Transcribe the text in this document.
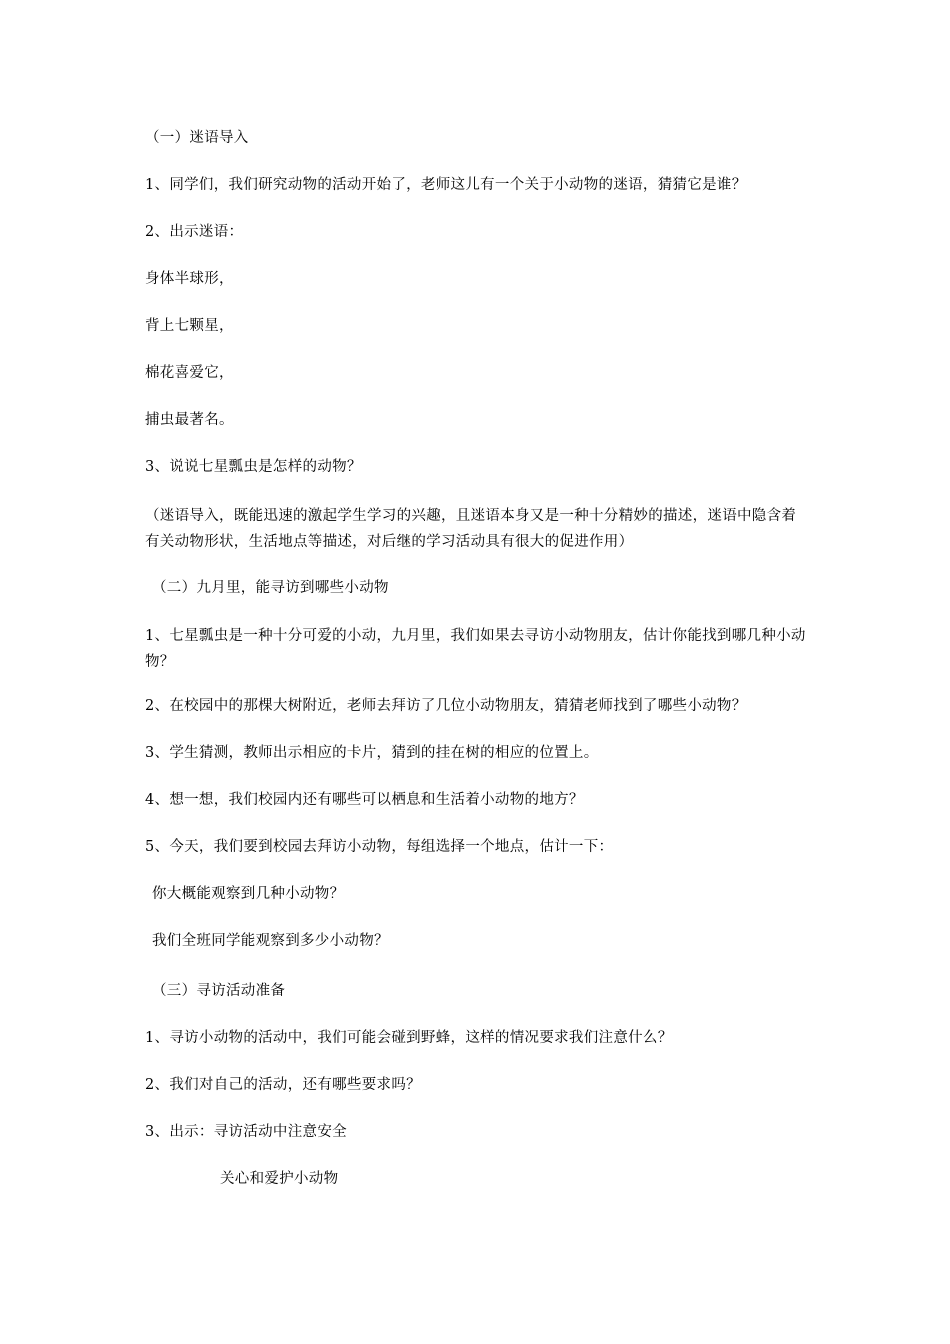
（一）迷语导入
1、同学们，我们研究动物的活动开始了，老师这儿有一个关于小动物的迷语，猜猜它是谁？
2、出示迷语：
身体半球形，
背上七颗星，
棉花喜爱它，
捕虫最著名。
3、说说七星瓢虫是怎样的动物？
（迷语导入，既能迅速的激起学生学习的兴趣，且迷语本身又是一种十分精妙的描述，迷语中隐含着有关动物形状，生活地点等描述，对后继的学习活动具有很大的促进作用）
（二）九月里，能寻访到哪些小动物
1、七星瓢虫是一种十分可爱的小动，九月里，我们如果去寻访小动物朋友，估计你能找到哪几种小动物？
2、在校园中的那棵大树附近，老师去拜访了几位小动物朋友，猜猜老师找到了哪些小动物？
3、学生猜测，教师出示相应的卡片，猜到的挂在树的相应的位置上。
4、想一想，我们校园内还有哪些可以栖息和生活着小动物的地方？
5、今天，我们要到校园去拜访小动物，每组选择一个地点，估计一下：
你大概能观察到几种小动物？
我们全班同学能观察到多少小动物？
（三）寻访活动准备
1、寻访小动物的活动中，我们可能会碰到野蜂，这样的情况要求我们注意什么？
2、我们对自己的活动，还有哪些要求吗？
3、出示：寻访活动中注意安全
关心和爱护小动物
